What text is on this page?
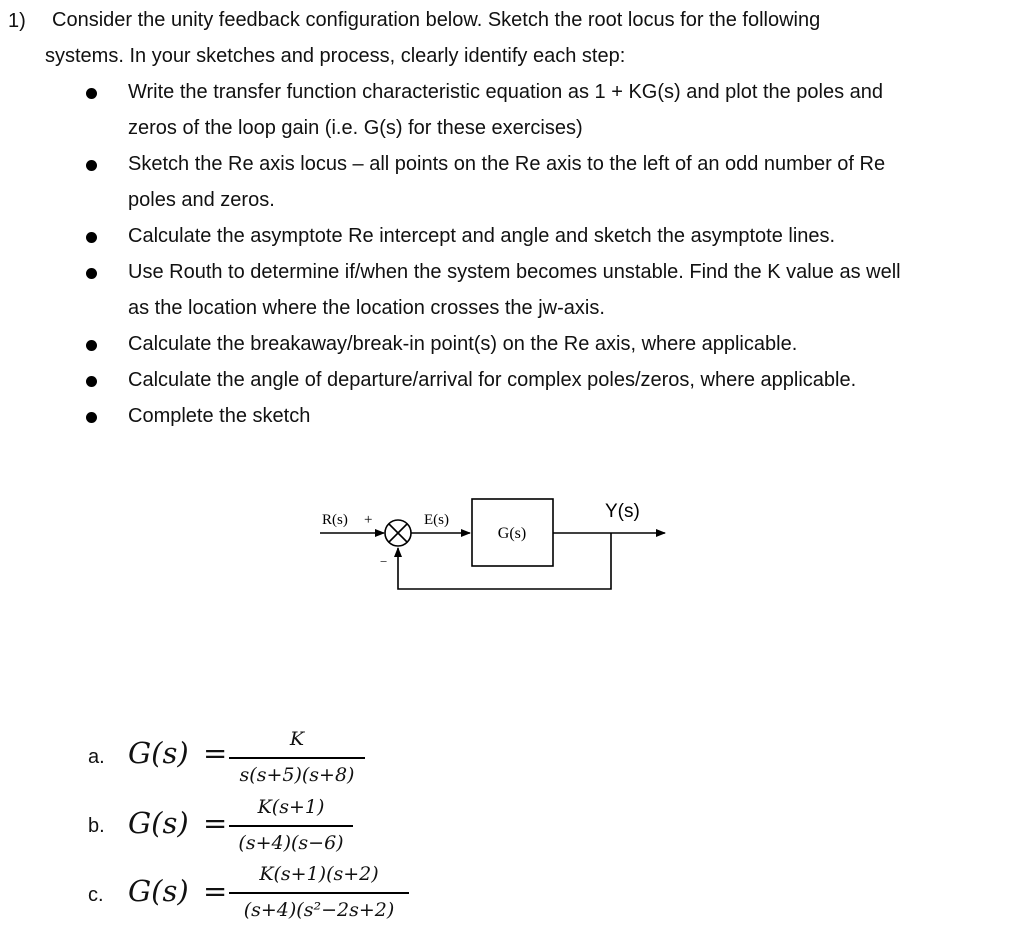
1) Consider the unity feedback configuration below. Sketch the root locus for the following
systems. In your sketches and process, clearly identify each step:
Write the transfer function characteristic equation as 1 + KG(s) and plot the poles and
zeros of the loop gain (i.e. G(s) for these exercises)
Sketch the Re axis locus – all points on the Re axis to the left of an odd number of Re
poles and zeros.
Calculate the asymptote Re intercept and angle and sketch the asymptote lines.
Use Routh to determine if/when the system becomes unstable. Find the K value as well
as the location where the location crosses the jw-axis.
Calculate the breakaway/break-in point(s) on the Re axis, where applicable.
Calculate the angle of departure/arrival for complex poles/zeros, where applicable.
Complete the sketch
R(s) +
−
E(s)
G(s)
Y(s)
a. G(s) =	K
s(s+5)(s+8)
b. G(s) =	K(s+1)
(s+4)(s−6)
c. G(s) =	K(s+1)(s+2)
(s+4)(s²−2s+2)
